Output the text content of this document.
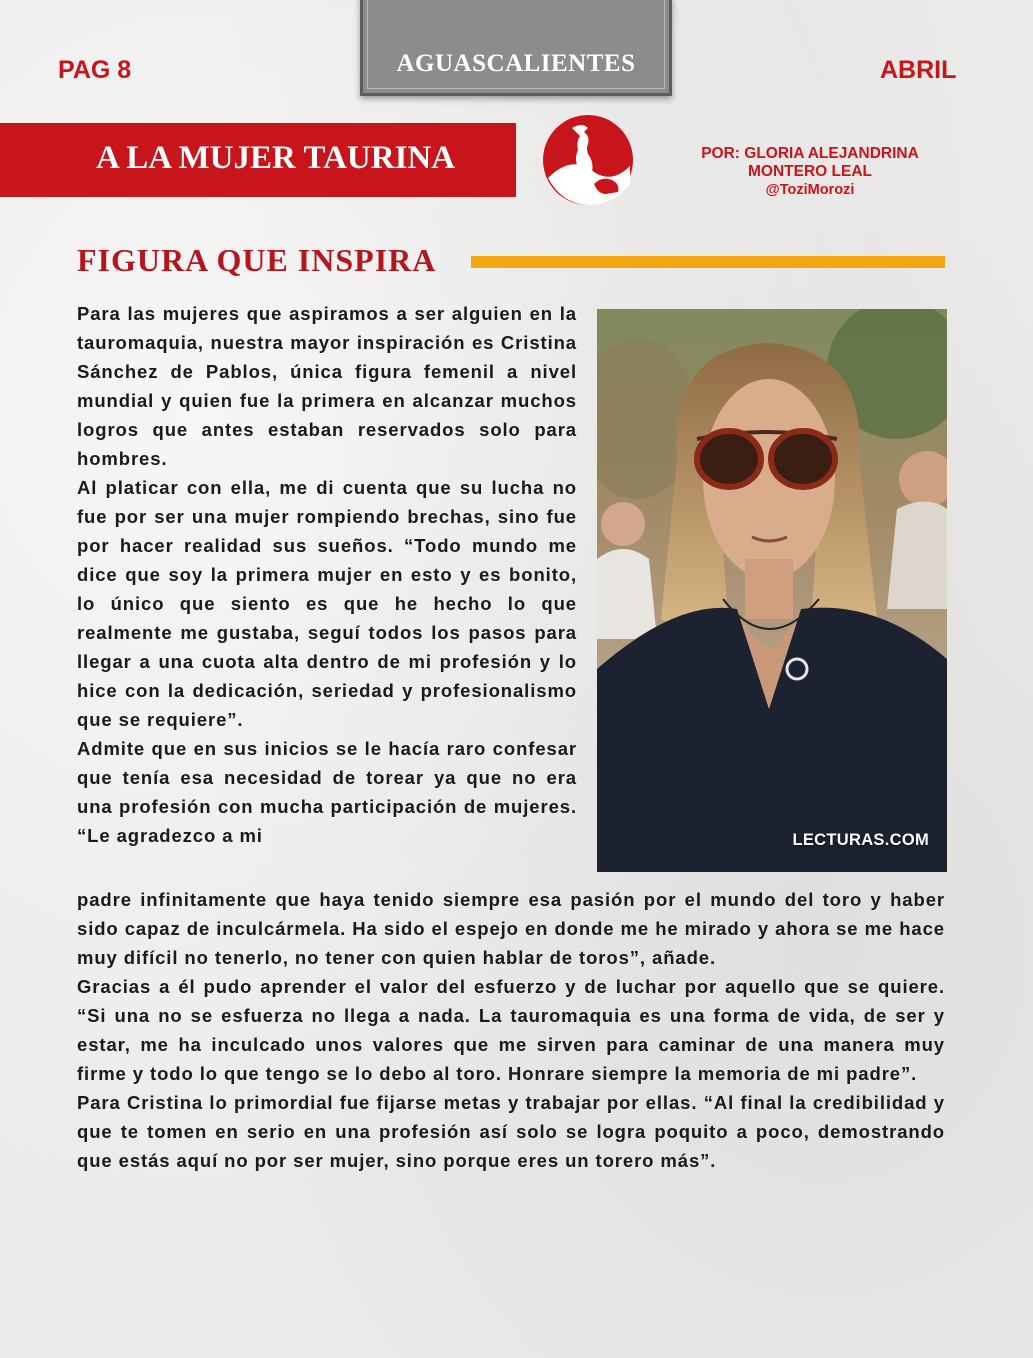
PAG 8	AGUASCALIENTES	ABRIL
A LA MUJER TAURINA	POR: GLORIA ALEJANDRINA
MONTERO LEAL
@ToziMorozi
FIGURA QUE INSPIRA

Para las mujeres que aspiramos a ser alguien en la tauromaquia, nuestra mayor inspiración es Cristina Sánchez de Pablos, única figura femenil a nivel mundial y quien fue la primera en alcanzar muchos logros que antes estaban reservados solo para hombres.

Al platicar con ella, me di cuenta que su lucha no fue por ser una mujer rompiendo brechas, sino fue por hacer realidad sus sueños. “Todo mundo me dice que soy la primera mujer en esto y es bonito, lo único que siento es que he hecho lo que realmente me gustaba, seguí todos los pasos para llegar a una cuota alta dentro de mi profesión y lo hice con la dedicación, seriedad y profesionalismo que se requiere”.

Admite que en sus inicios se le hacía raro confesar que tenía esa necesidad de torear ya que no era una profesión con mucha participación de mujeres. “Le agradezco a mi	LECTURAS.COM

padre infinitamente que haya tenido siempre esa pasión por el mundo del toro y haber sido capaz de inculcármela. Ha sido el espejo en donde me he mirado y ahora se me hace muy difícil no tenerlo, no tener con quien hablar de toros”, añade.

Gracias a él pudo aprender el valor del esfuerzo y de luchar por aquello que se quiere. “Si una no se esfuerza no llega a nada. La tauromaquia es una forma de vida, de ser y estar, me ha inculcado unos valores que me sirven para caminar de una manera muy firme y todo lo que tengo se lo debo al toro. Honrare siempre la memoria de mi padre”.

Para Cristina lo primordial fue fijarse metas y trabajar por ellas. “Al final la credibilidad y que te tomen en serio en una profesión así solo se logra poquito a poco, demostrando que estás aquí no por ser mujer, sino porque eres un torero más”.
